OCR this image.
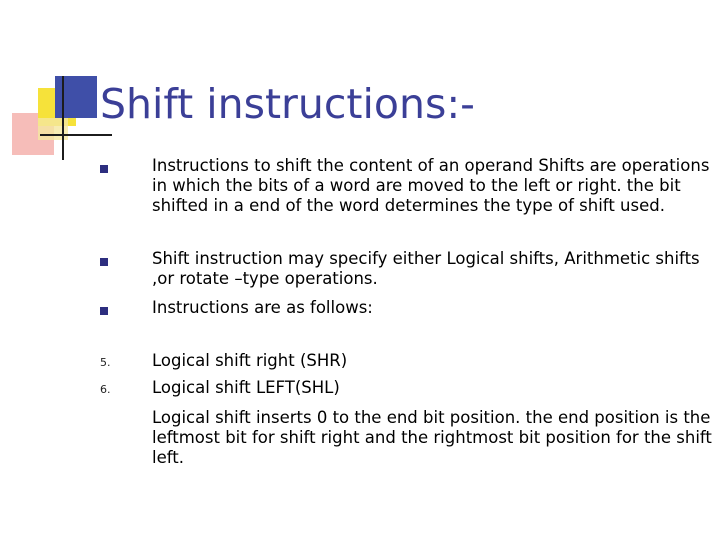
Shift instructions:-
Instructions to shift the content of an operand Shifts are operations in which the bits of a word are moved to the left or right. the bit shifted in a end of the word determines the type of shift used.
Shift instruction may specify either Logical shifts, Arithmetic shifts ,or rotate –type operations.
Instructions are as follows:
5.	Logical shift right (SHR)
6.	Logical shift LEFT(SHL)
Logical shift inserts 0 to the end bit position. the end position is the leftmost bit for shift right and the rightmost bit position for the shift left.
